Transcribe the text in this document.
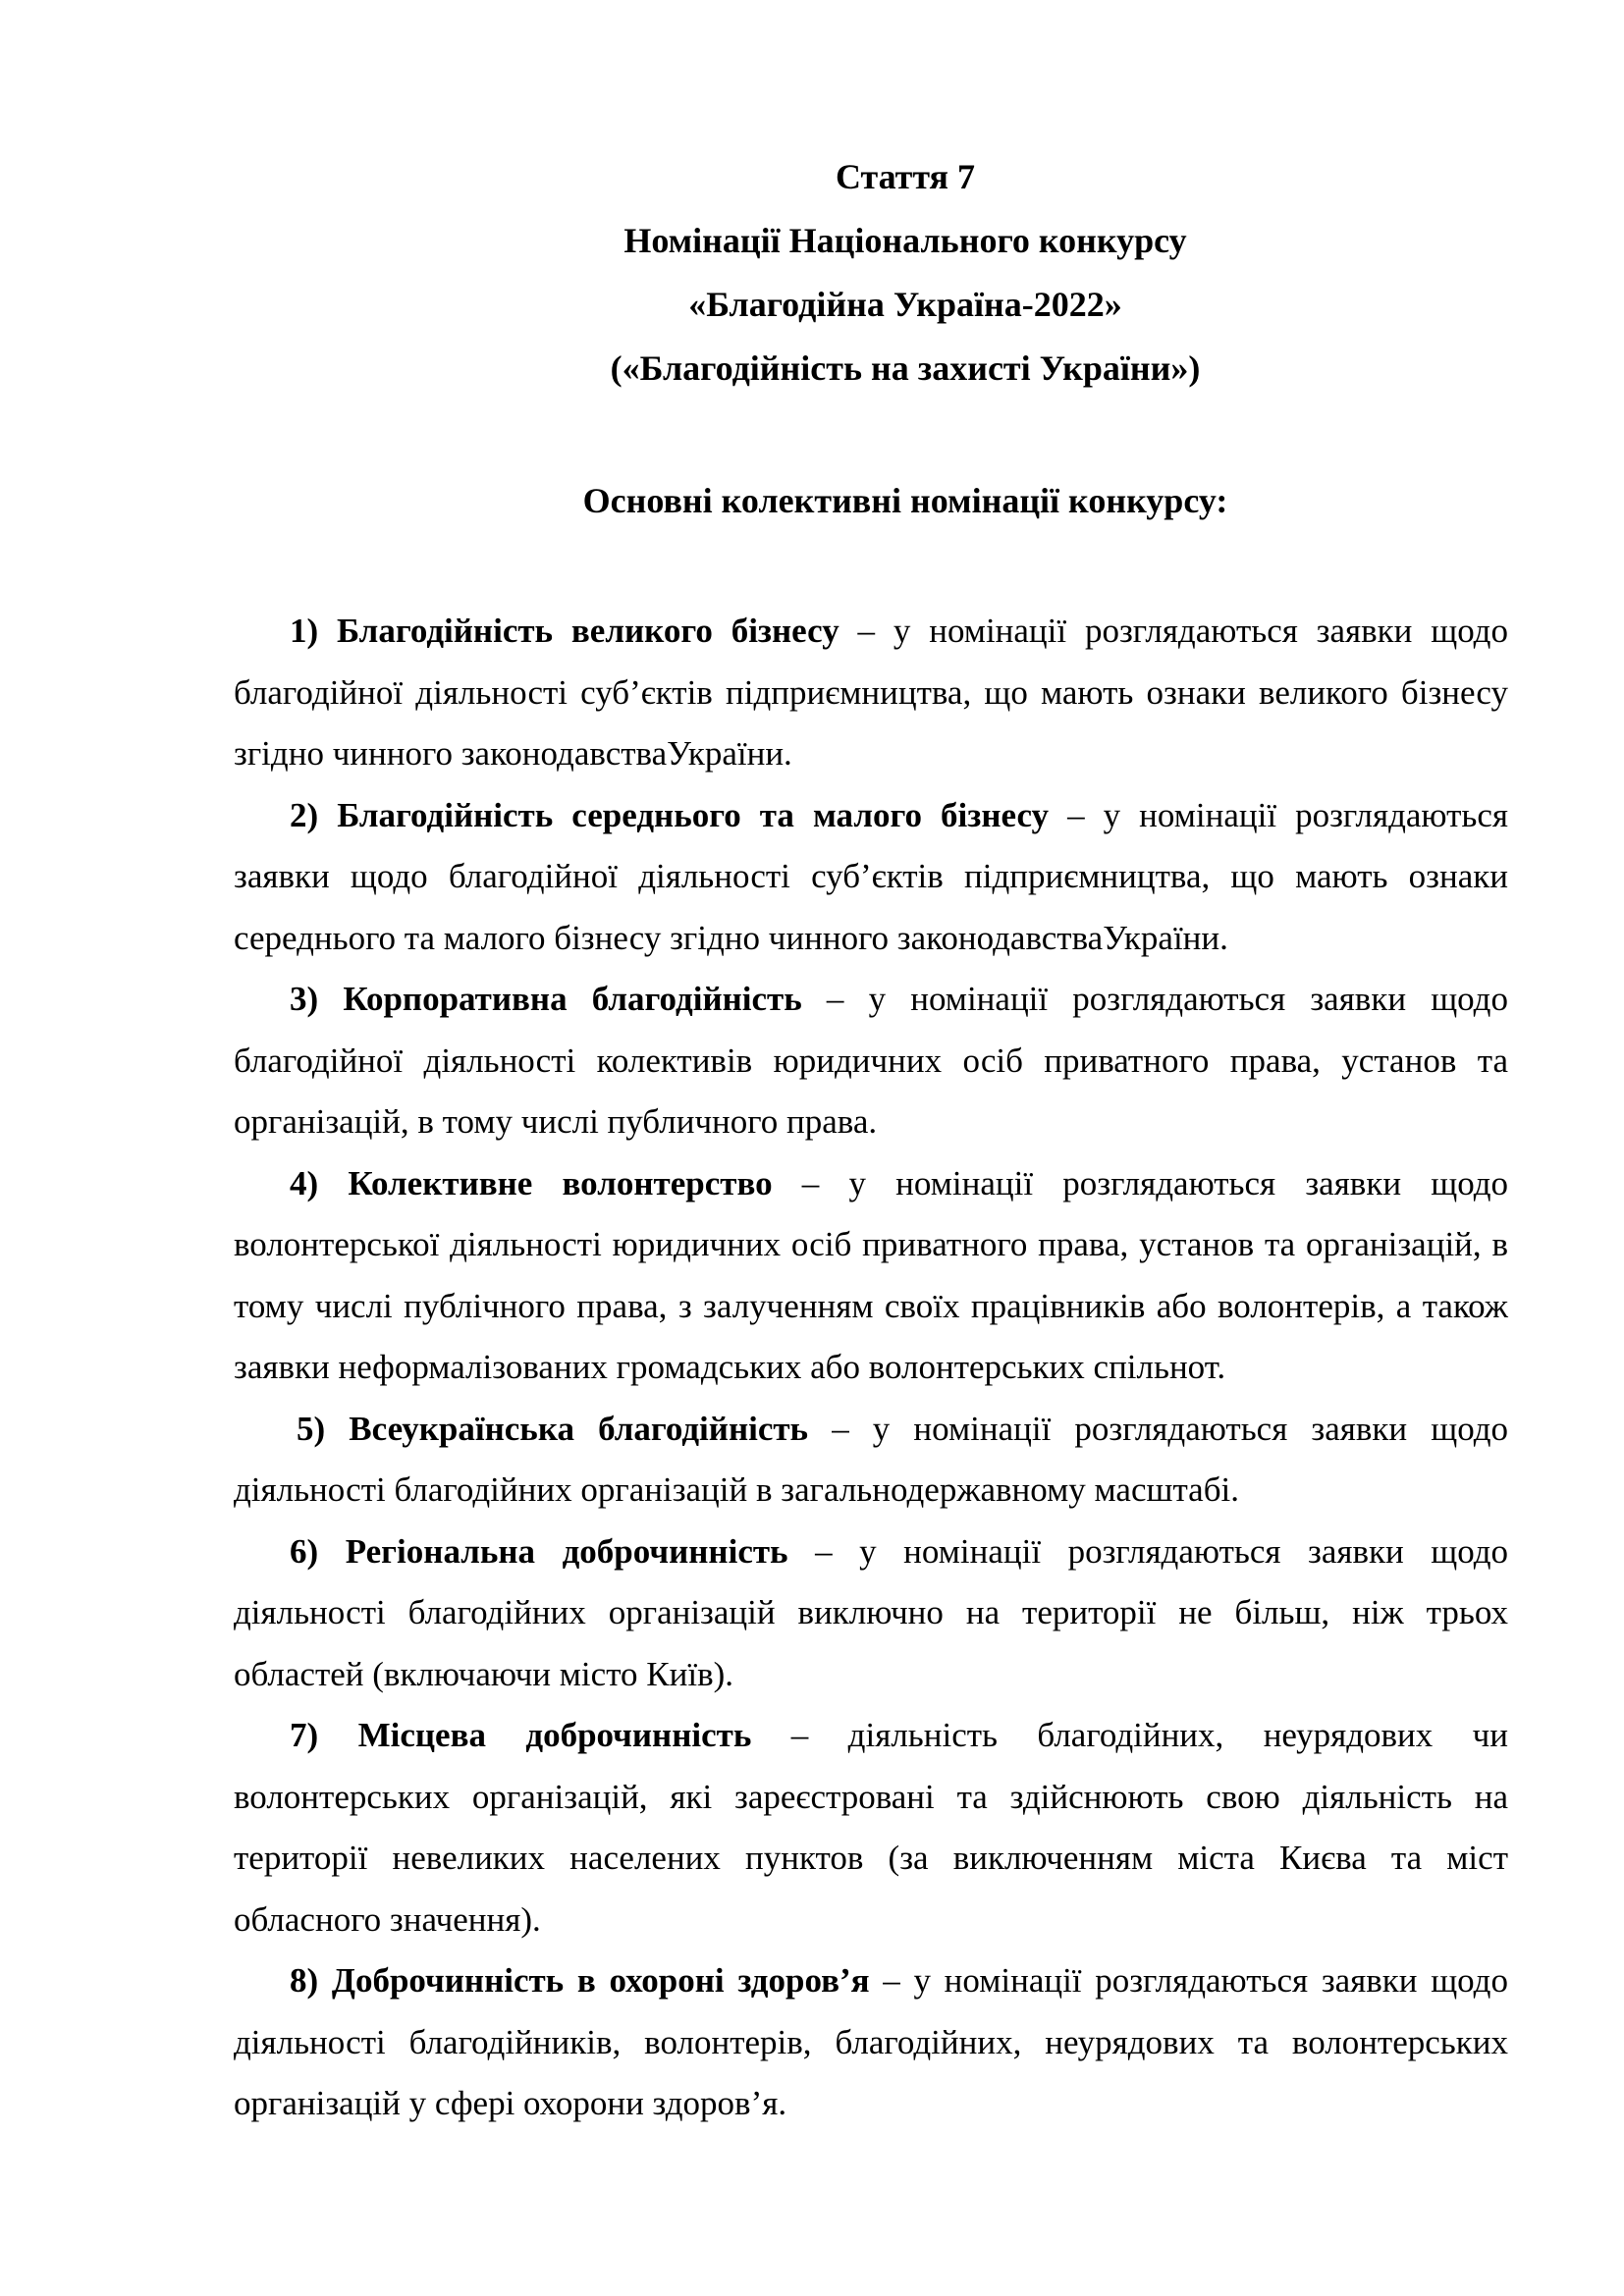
Стаття 7
Номінації Національного конкурсу
«Благодійна Україна-2022»
(«Благодійність на захисті України»)
Основні колективні номінації конкурсу:

1) Благодійність великого бізнесу – у номінації розглядаються заявки щодо благодійної діяльності суб’єктів підприємництва, що мають ознаки великого бізнесу згідно чинного законодавстваУкраїни.

2) Благодійність середнього та малого бізнесу – у номінації розглядаються заявки щодо благодійної діяльності суб’єктів підприємництва, що мають ознаки середнього та малого бізнесу згідно чинного законодавстваУкраїни.

3) Корпоративна благодійність – у номінації розглядаються заявки щодо благодійної діяльності колективів юридичних осіб приватного права, установ та організацій, в тому числі публичного права.

4) Колективне волонтерство – у номінації розглядаються заявки щодо волонтерської діяльності юридичних осіб приватного права, установ та організацій, в тому числі публічного права, з залученням своїх працівників або волонтерів, а також заявки неформалізованих громадських або волонтерських спільнот.

5) Всеукраїнська благодійність – у номінації розглядаються заявки щодо діяльності благодійних організацій в загальнодержавному масштабі.

6) Регіональна доброчинність – у номінації розглядаються заявки щодо діяльності благодійних організацій виключно на території не більш, ніж трьох областей (включаючи місто Київ).

7) Місцева доброчинність – діяльність благодійних, неурядових чи волонтерських організацій, які зареєстровані та здійснюють свою діяльність на території невеликих населених пунктов (за виключенням міста Києва та міст обласного значення).

8) Доброчинність в охороні здоров’я – у номінації розглядаються заявки щодо діяльності благодійників, волонтерів, благодійних, неурядових та волонтерських організацій у сфері охорони здоров’я.
